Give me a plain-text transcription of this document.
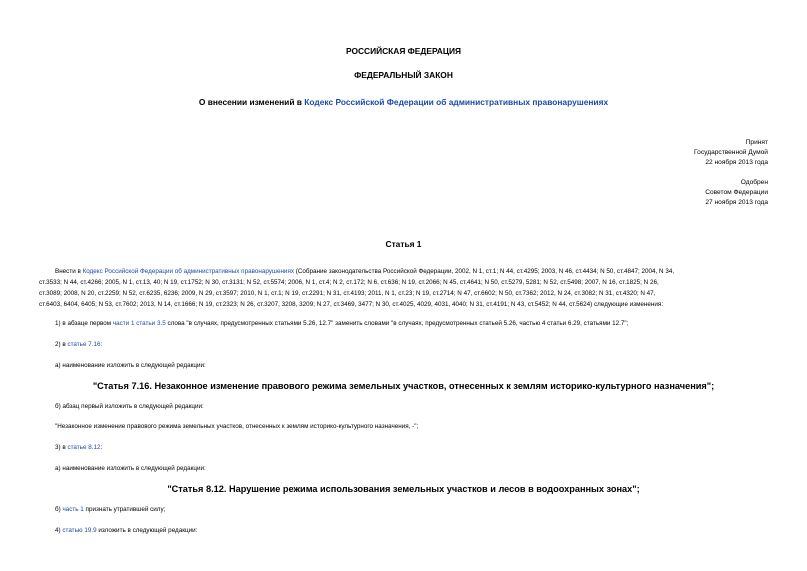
РОССИЙСКАЯ ФЕДЕРАЦИЯ
ФЕДЕРАЛЬНЫЙ ЗАКОН
О внесении изменений в Кодекс Российской Федерации об административных правонарушениях
Принят
Государственной Думой
22 ноября 2013 года
Одобрен
Советом Федерации
27 ноября 2013 года
Статья 1
Внести в Кодекс Российской Федерации об административных правонарушениях (Собрание законодательства Российской Федерации, 2002, N 1, ст.1; N 44, ст.4295; 2003, N 46, ст.4434; N 50, ст.4847; 2004, N 34,
ст.3533; N 44, ст.4266; 2005, N 1, ст.13, 40; N 19, ст.1752; N 30, ст.3131; N 52, ст.5574; 2006, N 1, ст.4; N 2, ст.172; N 6, ст.636; N 19, ст.2066; N 45, ст.4641; N 50, ст.5279, 5281; N 52, ст.5498; 2007, N 16, ст.1825; N 26,
ст.3089; 2008, N 20, ст.2259; N 52, ст.6235, 6236; 2009, N 29, ст.3597; 2010, N 1, ст.1; N 19, ст.2291; N 31, ст.4193; 2011, N 1, ст.23; N 19, ст.2714; N 47, ст.6602; N 50, ст.7362; 2012, N 24, ст.3082; N 31, ст.4320; N 47,
ст.6403, 6404, 6405; N 53, ст.7602; 2013, N 14, ст.1666; N 19, ст.2323; N 26, ст.3207, 3208, 3209; N 27, ст.3469, 3477; N 30, ст.4025, 4029, 4031, 4040; N 31, ст.4191; N 43, ст.5452; N 44, ст.5624) следующие изменения:
1) в абзаце первом части 1 статьи 3.5 слова "в случаях, предусмотренных статьями 5.26, 12.7" заменить словами "в случаях, предусмотренных статьей 5.26, частью 4 статьи 6.29, статьями 12.7";
2) в статье 7.16:
а) наименование изложить в следующей редакции:
"Статья 7.16. Незаконное изменение правового режима земельных участков, отнесенных к землям историко-культурного назначения";
б) абзац первый изложить в следующей редакции:
"Незаконное изменение правового режима земельных участков, отнесенных к землям историко-культурного назначения, -";
3) в статье 8.12:
а) наименование изложить в следующей редакции:
"Статья 8.12. Нарушение режима использования земельных участков и лесов в водоохранных зонах";
б) часть 1 признать утратившей силу;
4) статью 19.9 изложить в следующей редакции:
